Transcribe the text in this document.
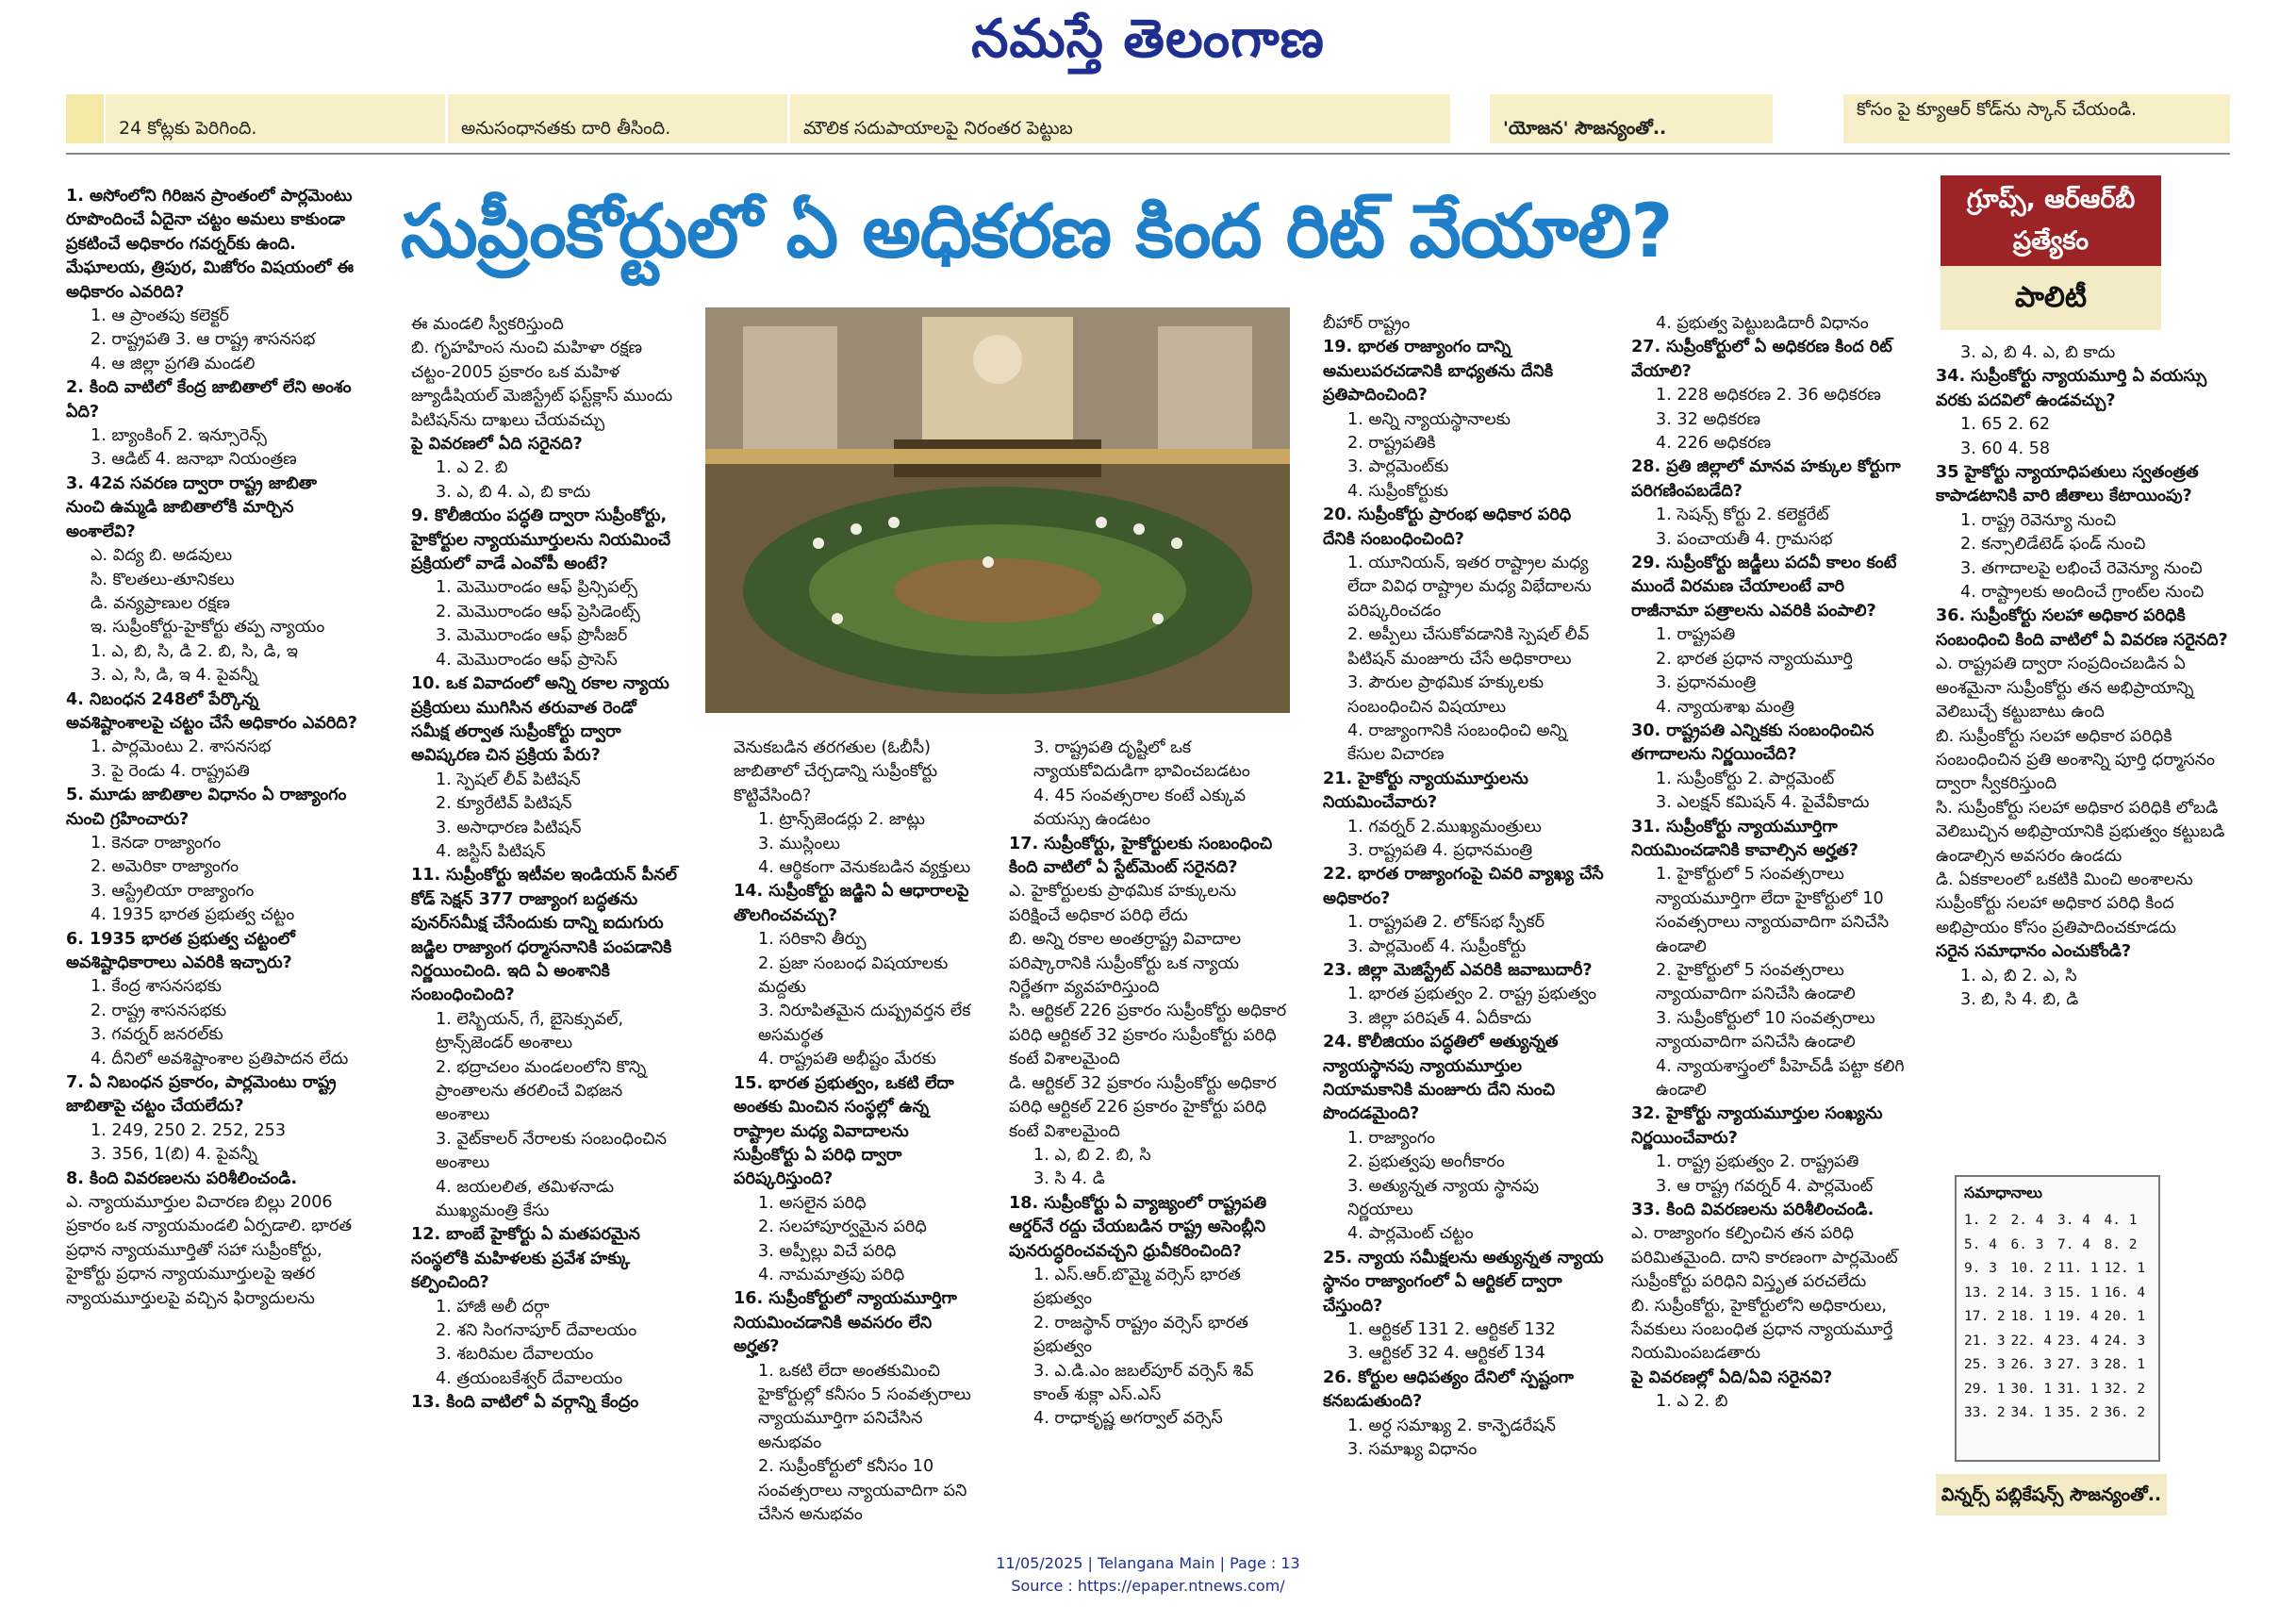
నమస్తే తెలంగాణ
24 కోట్లకు పెరిగింది.	అనుసంధానతకు దారి తీసింది.	మౌలిక సదుపాయాలపై నిరంతర పెట్టుబ	'యోజన' సౌజన్యంతో..
కోసం పై క్యూఆర్ కోడ్‌ను స్కాన్ చేయండి.
సుప్రీంకోర్టులో ఏ అధికరణ కింద రిట్ వేయాలి?	గ్రూప్స్, ఆర్ఆర్‌బీ ప్రత్యేకం
పాలిటీ

1. అసోంలోని గిరిజన ప్రాంతంలో పార్లమెంటు రూపొందించే ఏదైనా చట్టం అమలు కాకుండా ప్రకటించే అధికారం గవర్నర్‌కు ఉంది. మేఘాలయ, త్రిపుర, మిజోరం విషయంలో ఈ అధికారం ఎవరిది?

1. ఆ ప్రాంతపు కలెక్టర్

2. రాష్ట్రపతి 3. ఆ రాష్ట్ర శాసనసభ

4. ఆ జిల్లా ప్రగతి మండలి

2. కింది వాటిలో కేంద్ర జాబితాలో లేని అంశం ఏది?

1. బ్యాంకింగ్ 2. ఇన్సూరెన్స్

3. ఆడిట్ 4. జనాభా నియంత్రణ

3. 42వ సవరణ ద్వారా రాష్ట్ర జాబితా నుంచి ఉమ్మడి జాబితాలోకి మార్చిన అంశాలేవి?

ఎ. విద్య బి. అడవులు

సి. కొలతలు-తూనికలు

డి. వన్యప్రాణుల రక్షణ

ఇ. సుప్రీంకోర్టు-హైకోర్టు తప్ప న్యాయం

1. ఎ, బి, సి, డి 2. బి, సి, డి, ఇ

3. ఎ, సి, డి, ఇ 4. పైవన్నీ

4. నిబంధన 248లో పేర్కొన్న అవశిష్టాంశాలపై చట్టం చేసే అధికారం ఎవరిది?

1. పార్లమెంటు 2. శాసనసభ

3. పై రెండు 4. రాష్ట్రపతి

5. మూడు జాబితాల విధానం ఏ రాజ్యాంగం నుంచి గ్రహించారు?

1. కెనడా రాజ్యాంగం

2. అమెరికా రాజ్యాంగం

3. ఆస్ట్రేలియా రాజ్యాంగం

4. 1935 భారత ప్రభుత్వ చట్టం

6. 1935 భారత ప్రభుత్వ చట్టంలో అవశిష్టాధికారాలు ఎవరికి ఇచ్చారు?

1. కేంద్ర శాసనసభకు

2. రాష్ట్ర శాసనసభకు

3. గవర్నర్ జనరల్‌కు

4. దీనిలో అవశిష్టాంశాల ప్రతిపాదన లేదు

7. ఏ నిబంధన ప్రకారం, పార్లమెంటు రాష్ట్ర జాబితాపై చట్టం చేయలేదు?

1. 249, 250 2. 252, 253

3. 356, 1(బి) 4. పైవన్నీ

8. కింది వివరణలను పరిశీలించండి.

ఎ. న్యాయమూర్తుల విచారణ బిల్లు 2006 ప్రకారం ఒక న్యాయమండలి ఏర్పడాలి. భారత ప్రధాన న్యాయమూర్తితో సహా సుప్రీంకోర్టు, హైకోర్టు ప్రధాన న్యాయమూర్తులపై ఇతర న్యాయమూర్తులపై వచ్చిన ఫిర్యాదులను

ఈ మండలి స్వీకరిస్తుంది

బి. గృహహింస నుంచి మహిళా రక్షణ చట్టం-2005 ప్రకారం ఒక మహిళ జ్యూడీషియల్ మెజిస్ట్రేట్ ఫస్ట్‌క్లాస్ ముందు పిటిషన్‌ను దాఖలు చేయవచ్చు

పై వివరణలో ఏది సరైనది?

1. ఎ 2. బి

3. ఎ, బి 4. ఎ, బి కాదు

9. కొలీజియం పద్ధతి ద్వారా సుప్రీంకోర్టు, హైకోర్టుల న్యాయమూర్తులను నియమించే ప్రక్రియలో వాడే ఎంవోపీ అంటే?

1. మెమొరాండం ఆఫ్ ప్రిన్సిపల్స్

2. మెమొరాండం ఆఫ్ ప్రెసిడెంట్స్

3. మెమొరాండం ఆఫ్ ప్రొసీజర్

4. మెమొరాండం ఆఫ్ ప్రాసెస్

10. ఒక వివాదంలో అన్ని రకాల న్యాయ ప్రక్రియలు ముగిసిన తరువాత రెండో సమీక్ష తర్వాత సుప్రీంకోర్టు ద్వారా అవిష్కరణ చిన ప్రక్రియ పేరు?

1. స్పెషల్ లీవ్ పిటిషన్

2. క్యూరేటివ్ పిటిషన్

3. అసాధారణ పిటిషన్

4. జస్టిస్ పిటిషన్

11. సుప్రీంకోర్టు ఇటీవల ఇండియన్ పీనల్ కోడ్ సెక్షన్ 377 రాజ్యాంగ బద్ధతను పునర్‌సమీక్ష చేసేందుకు దాన్ని ఐదుగురు జడ్జిల రాజ్యాంగ ధర్మాసనానికి పంపడానికి నిర్ణయించింది. ఇది ఏ అంశానికి సంబంధించింది?

1. లెస్బియన్, గే, బైసెక్సువల్, ట్రాన్స్‌జెండర్ అంశాలు

2. భద్రాచలం మండలంలోని కొన్ని ప్రాంతాలను తరలించే విభజన అంశాలు

3. వైట్‌కాలర్ నేరాలకు సంబంధించిన అంశాలు

4. జయలలిత, తమిళనాడు ముఖ్యమంత్రి కేసు

12. బాంబే హైకోర్టు ఏ మతపరమైన సంస్థలోకి మహిళలకు ప్రవేశ హక్కు కల్పించింది?

1. హాజీ అలీ దర్గా

2. శని సింగనాపూర్ దేవాలయం

3. శబరిమల దేవాలయం

4. త్రయంబకేశ్వర్ దేవాలయం

13. కింది వాటిలో ఏ వర్గాన్ని కేంద్రం

వెనుకబడిన తరగతుల (ఓబీసీ) జాబితాలో చేర్చడాన్ని సుప్రీంకోర్టు కొట్టివేసింది?

1. ట్రాన్స్‌జెండర్లు 2. జాట్లు

3. ముస్లింలు

4. ఆర్థికంగా వెనుకబడిన వ్యక్తులు

14. సుప్రీంకోర్టు జడ్జిని ఏ ఆధారాలపై తొలగించవచ్చు?

1. సరికాని తీర్పు

2. ప్రజా సంబంధ విషయాలకు మద్దతు

3. నిరూపితమైన దుష్ప్రవర్తన లేక అసమర్థత

4. రాష్ట్రపతి అభీష్టం మేరకు

15. భారత ప్రభుత్వం, ఒకటి లేదా అంతకు మించిన సంస్థల్లో ఉన్న రాష్ట్రాల మధ్య వివాదాలను సుప్రీంకోర్టు ఏ పరిధి ద్వారా పరిష్కరిస్తుంది?

1. అసలైన పరిధి

2. సలహాపూర్వమైన పరిధి

3. అప్పీల్లు విచే పరిధి

4. నామమాత్రపు పరిధి

16. సుప్రీంకోర్టులో న్యాయమూర్తిగా నియమించడానికి అవసరం లేని అర్హత?

1. ఒకటి లేదా అంతకుమించి హైకోర్టుల్లో కనీసం 5 సంవత్సరాలు న్యాయమూర్తిగా పనిచేసిన అనుభవం

2. సుప్రీంకోర్టులో కనీసం 10 సంవత్సరాలు న్యాయవాదిగా పని చేసిన అనుభవం

3. రాష్ట్రపతి దృష్టిలో ఒక న్యాయకోవిదుడిగా భావించబడటం

4. 45 సంవత్సరాల కంటే ఎక్కువ వయస్సు ఉండటం

17. సుప్రీంకోర్టు, హైకోర్టులకు సంబంధించి కింది వాటిలో ఏ స్టేట్‌మెంట్ సరైనది?

ఎ. హైకోర్టులకు ప్రాథమిక హక్కులను పరిక్షించే అధికార పరిధి లేదు

బి. అన్ని రకాల అంతర్రాష్ట్ర వివాదాల పరిష్కారానికి సుప్రీంకోర్టు ఒక న్యాయ నిర్ణేతగా వ్యవహరిస్తుంది

సి. ఆర్టికల్ 226 ప్రకారం సుప్రీంకోర్టు అధికార పరిధి ఆర్టికల్ 32 ప్రకారం సుప్రీంకోర్టు పరిధి కంటే విశాలమైంది

డి. ఆర్టికల్ 32 ప్రకారం సుప్రీంకోర్టు అధికార పరిధి ఆర్టికల్ 226 ప్రకారం హైకోర్టు పరిధి కంటే విశాలమైంది

1. ఎ, బి 2. బి, సి

3. సి 4. డి

18. సుప్రీంకోర్టు ఏ వ్యాజ్యంలో రాష్ట్రపతి ఆర్డర్‌నే రద్దు చేయబడిన రాష్ట్ర అసెంబ్లీని పునరుద్ధరించవచ్చని ధ్రువీకరించింది?

1. ఎస్.ఆర్.బొమ్మై వర్సెస్ భారత ప్రభుత్వం

2. రాజస్థాన్ రాష్ట్రం వర్సెస్ భారత ప్రభుత్వం

3. ఎ.డి.ఎం జబల్‌పూర్ వర్సెస్ శివ్ కాంత్ శుక్లా ఎస్.ఎస్

4. రాధాకృష్ణ అగర్వాల్ వర్సెస్

బీహార్ రాష్ట్రం

19. భారత రాజ్యాంగం దాన్ని అమలుపరచడానికి బాధ్యతను దేనికి ప్రతిపాదించింది?

1. అన్ని న్యాయస్థానాలకు

2. రాష్ట్రపతికి

3. పార్లమెంట్‌కు

4. సుప్రీంకోర్టుకు

20. సుప్రీంకోర్టు ప్రారంభ అధికార పరిధి దేనికి సంబంధించింది?

1. యూనియన్, ఇతర రాష్ట్రాల మధ్య లేదా వివిధ రాష్ట్రాల మధ్య విభేదాలను పరిష్కరించడం

2. అప్పీలు చేసుకోవడానికి స్పెషల్ లీవ్ పిటిషన్ మంజూరు చేసే అధికారాలు

3. పౌరుల ప్రాథమిక హక్కులకు సంబంధించిన విషయాలు

4. రాజ్యాంగానికి సంబంధించి అన్ని కేసుల విచారణ

21. హైకోర్టు న్యాయమూర్తులను నియమించేవారు?

1. గవర్నర్ 2.ముఖ్యమంత్రులు

3. రాష్ట్రపతి 4. ప్రధానమంత్రి

22. భారత రాజ్యాంగంపై చివరి వ్యాఖ్య చేసే అధికారం?

1. రాష్ట్రపతి 2. లోక్‌సభ స్పీకర్

3. పార్లమెంట్ 4. సుప్రీంకోర్టు

23. జిల్లా మెజిస్ట్రేట్ ఎవరికి జవాబుదారీ?

1. భారత ప్రభుత్వం 2. రాష్ట్ర ప్రభుత్వం

3. జిల్లా పరిషత్ 4. ఏదీకాదు

24. కొలీజియం పద్ధతిలో అత్యున్నత న్యాయస్థానపు న్యాయమూర్తుల నియామకానికి మంజూరు దేని నుంచి పొందడమైంది?

1. రాజ్యాంగం

2. ప్రభుత్వపు అంగీకారం

3. అత్యున్నత న్యాయ స్థానపు నిర్ణయాలు

4. పార్లమెంట్ చట్టం

25. న్యాయ సమీక్షలను అత్యున్నత న్యాయ స్థానం రాజ్యాంగంలో ఏ ఆర్టికల్ ద్వారా చేస్తుంది?

1. ఆర్టికల్ 131 2. ఆర్టికల్ 132

3. ఆర్టికల్ 32 4. ఆర్టికల్ 134

26. కోర్టుల ఆధిపత్యం దేనిలో స్పష్టంగా కనబడుతుంది?

1. అర్ధ సమాఖ్య 2. కాన్ఫెడరేషన్

3. సమాఖ్య విధానం

4. ప్రభుత్వ పెట్టుబడిదారీ విధానం

27. సుప్రీంకోర్టులో ఏ అధికరణ కింద రిట్ వేయాలి?

1. 228 అధికరణ 2. 36 అధికరణ

3. 32 అధికరణ

4. 226 అధికరణ

28. ప్రతి జిల్లాలో మానవ హక్కుల కోర్టుగా పరిగణింపబడేది?

1. సెషన్స్ కోర్టు 2. కలెక్టరేట్

3. పంచాయతీ 4. గ్రామసభ

29. సుప్రీంకోర్టు జడ్జీలు పదవీ కాలం కంటే ముందే విరమణ చేయాలంటే వారి రాజీనామా పత్రాలను ఎవరికి పంపాలి?

1. రాష్ట్రపతి

2. భారత ప్రధాన న్యాయమూర్తి

3. ప్రధానమంత్రి

4. న్యాయశాఖ మంత్రి

30. రాష్ట్రపతి ఎన్నికకు సంబంధించిన తగాదాలను నిర్ణయించేది?

1. సుప్రీంకోర్టు 2. పార్లమెంట్

3. ఎలక్షన్ కమిషన్ 4. పైవేవీకాదు

31. సుప్రీంకోర్టు న్యాయమూర్తిగా నియమించడానికి కావాల్సిన అర్హత?

1. హైకోర్టులో 5 సంవత్సరాలు న్యాయమూర్తిగా లేదా హైకోర్టులో 10 సంవత్సరాలు న్యాయవాదిగా పనిచేసి ఉండాలి

2. హైకోర్టులో 5 సంవత్సరాలు న్యాయవాదిగా పనిచేసి ఉండాలి

3. సుప్రీంకోర్టులో 10 సంవత్సరాలు న్యాయవాదిగా పనిచేసి ఉండాలి

4. న్యాయశాస్త్రంలో పీహెచ్‌డీ పట్టా కలిగి ఉండాలి

32. హైకోర్టు న్యాయమూర్తుల సంఖ్యను నిర్ణయించేవారు?

1. రాష్ట్ర ప్రభుత్వం 2. రాష్ట్రపతి

3. ఆ రాష్ట్ర గవర్నర్ 4. పార్లమెంట్

33. కింది వివరణలను పరిశీలించండి.

ఎ. రాజ్యాంగం కల్పించిన తన పరిధి పరిమితమైంది. దాని కారణంగా పార్లమెంట్ సుప్రీంకోర్టు పరిధిని విస్తృత పరచలేదు

బి. సుప్రీంకోర్టు, హైకోర్టులోని అధికారులు, సేవకులు సంబంధిత ప్రధాన న్యాయమూర్తే నియమింపబడతారు

పై వివరణల్లో ఏది/ఏవి సరైనవి?

1. ఎ 2. బి

3. ఎ, బి 4. ఎ, బి కాదు

34. సుప్రీంకోర్టు న్యాయమూర్తి ఏ వయస్సు వరకు పదవిలో ఉండవచ్చు?

1. 65 2. 62

3. 60 4. 58

35 హైకోర్టు న్యాయాధిపతులు స్వతంత్రత కాపాడటానికి వారి జీతాలు కేటాయింపు?

1. రాష్ట్ర రెవెన్యూ నుంచి

2. కన్సాలిడేటెడ్ ఫండ్ నుంచి

3. తగాదాలపై లభించే రెవెన్యూ నుంచి

4. రాష్ట్రాలకు అందించే గ్రాంట్‌ల నుంచి

36. సుప్రీంకోర్టు సలహా అధికార పరిధికి సంబంధించి కింది వాటిలో ఏ వివరణ సరైనది?

ఎ. రాష్ట్రపతి ద్వారా సంప్రదించబడిన ఏ అంశమైనా సుప్రీంకోర్టు తన అభిప్రాయాన్ని వెలిబుచ్చే కట్టుబాటు ఉంది

బి. సుప్రీంకోర్టు సలహా అధికార పరిధికి సంబంధించిన ప్రతి అంశాన్ని పూర్తి ధర్మాసనం ద్వారా స్వీకరిస్తుంది

సి. సుప్రీంకోర్టు సలహా అధికార పరిధికి లోబడి వెలిబుచ్చిన అభిప్రాయానికి ప్రభుత్వం కట్టుబడి ఉండాల్సిన అవసరం ఉండదు

డి. ఏకకాలంలో ఒకటికి మించి అంశాలను సుప్రీంకోర్టు సలహా అధికార పరిధి కింద అభిప్రాయం కోసం ప్రతిపాదించకూడదు

సరైన సమాధానం ఎంచుకోండి?

1. ఎ, బి 2. ఎ, సి

3. బి, సి 4. బి, డి

సమాధానాలు
1. 2	2. 4	3. 4	4. 1
5. 4	6. 3	7. 4	8. 2
9. 3	10. 2	11. 1	12. 1
13. 2	14. 3	15. 1	16. 4
17. 2	18. 1	19. 4	20. 1
21. 3	22. 4	23. 4	24. 3
25. 3	26. 3	27. 3	28. 1
29. 1	30. 1	31. 1	32. 2
33. 2	34. 1	35. 2	36. 2
విన్నర్స్ పబ్లికేషన్స్ సౌజన్యంతో..
11/05/2025 | Telangana Main | Page : 13
Source : https://epaper.ntnews.com/
